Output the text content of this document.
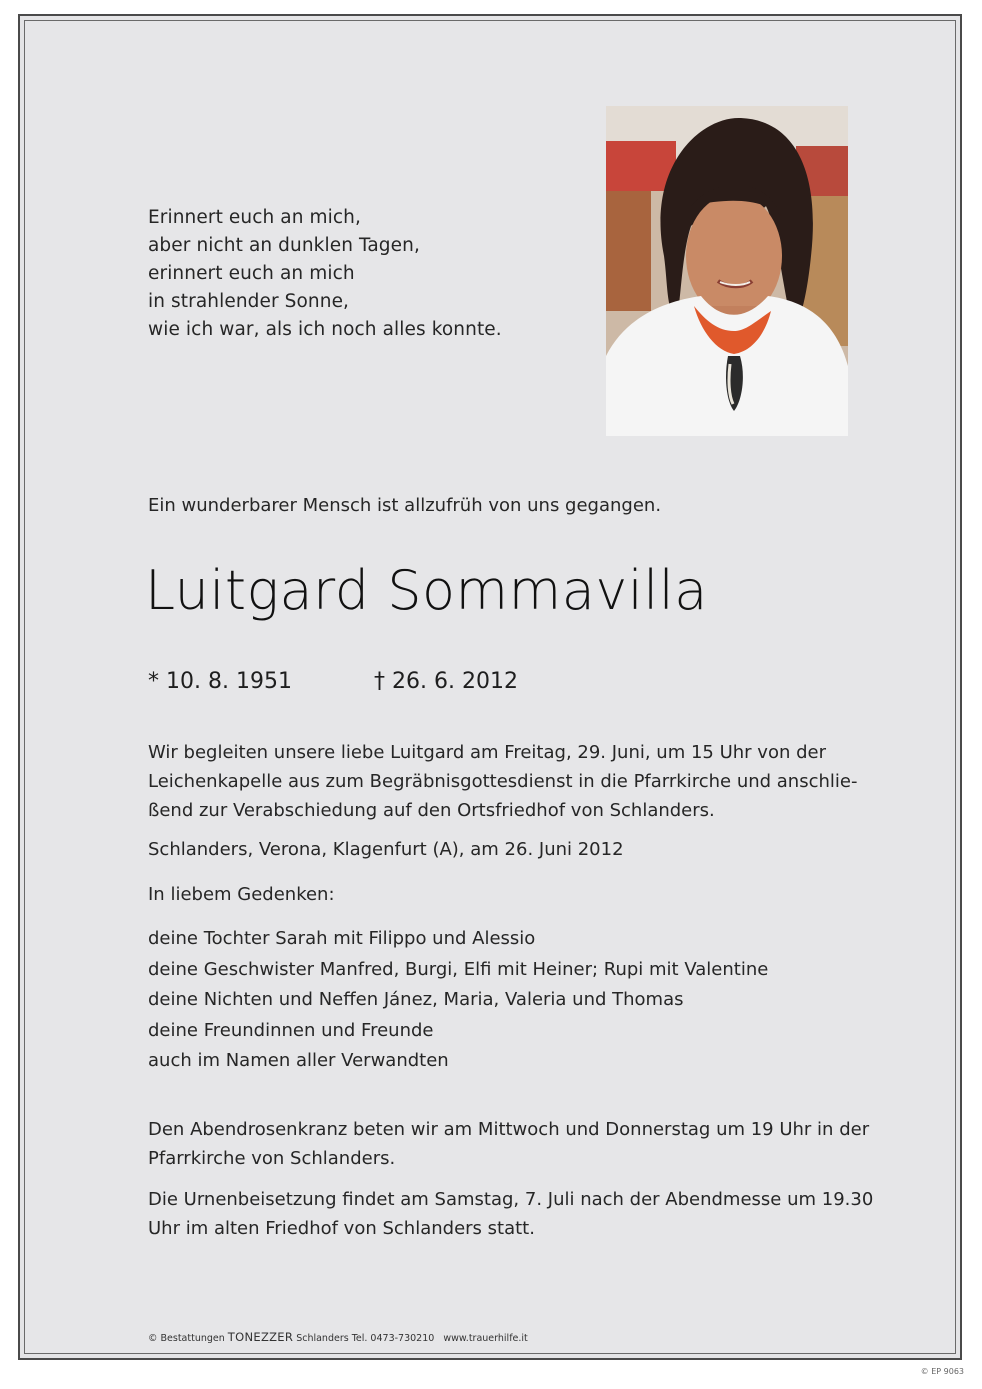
Erinnert euch an mich,
aber nicht an dunklen Tagen,
erinnert euch an mich
in strahlender Sonne,
wie ich war, als ich noch alles konnte.
Ein wunderbarer Mensch ist allzufrüh von uns gegangen.
Luitgard Sommavilla
* 10. 8. 1951	† 26. 6. 2012
Wir begleiten unsere liebe Luitgard am Freitag, 29. Juni, um 15 Uhr von der
Leichenkapelle aus zum Begräbnisgottesdienst in die Pfarrkirche und anschlie-
ßend zur Verabschiedung auf den Ortsfriedhof von Schlanders.
Schlanders, Verona, Klagenfurt (A), am 26. Juni 2012
In liebem Gedenken:
deine Tochter Sarah mit Filippo und Alessio
deine Geschwister Manfred, Burgi, Elfi mit Heiner; Rupi mit Valentine
deine Nichten und Neffen Jánez, Maria, Valeria und Thomas
deine Freundinnen und Freunde
auch im Namen aller Verwandten
Den Abendrosenkranz beten wir am Mittwoch und Donnerstag um 19 Uhr in der
Pfarrkirche von Schlanders.
Die Urnenbeisetzung findet am Samstag, 7. Juli nach der Abendmesse um 19.30
Uhr im alten Friedhof von Schlanders statt.
© Bestattungen TONEZZER Schlanders Tel. 0473-730210 www.trauerhilfe.it
© EP 9063
